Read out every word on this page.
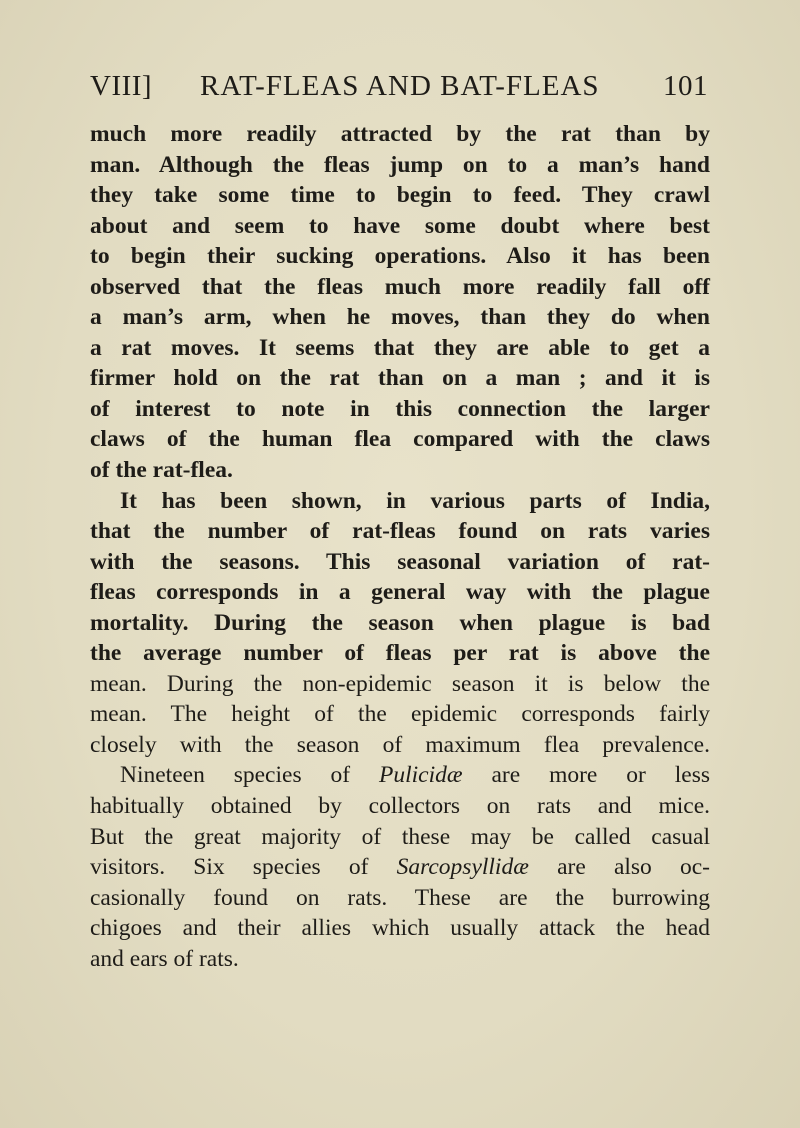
VIII] RAT-FLEAS AND BAT-FLEAS 101
much more readily attracted by the rat than by
man. Although the fleas jump on to a man’s hand
they take some time to begin to feed. They crawl
about and seem to have some doubt where best
to begin their sucking operations. Also it has been
observed that the fleas much more readily fall off
a man’s arm, when he moves, than they do when
a rat moves. It seems that they are able to get a
firmer hold on the rat than on a man ; and it is
of interest to note in this connection the larger
claws of the human flea compared with the claws
of the rat-flea.
It has been shown, in various parts of India,
that the number of rat-fleas found on rats varies
with the seasons. This seasonal variation of rat-
fleas corresponds in a general way with the plague
mortality. During the season when plague is bad
the average number of fleas per rat is above the
mean. During the non-epidemic season it is below the
mean. The height of the epidemic corresponds fairly
closely with the season of maximum flea prevalence.
Nineteen species of Pulicidæ are more or less
habitually obtained by collectors on rats and mice.
But the great majority of these may be called casual
visitors. Six species of Sarcopsyllidæ are also oc-
casionally found on rats. These are the burrowing
chigoes and their allies which usually attack the head
and ears of rats.
